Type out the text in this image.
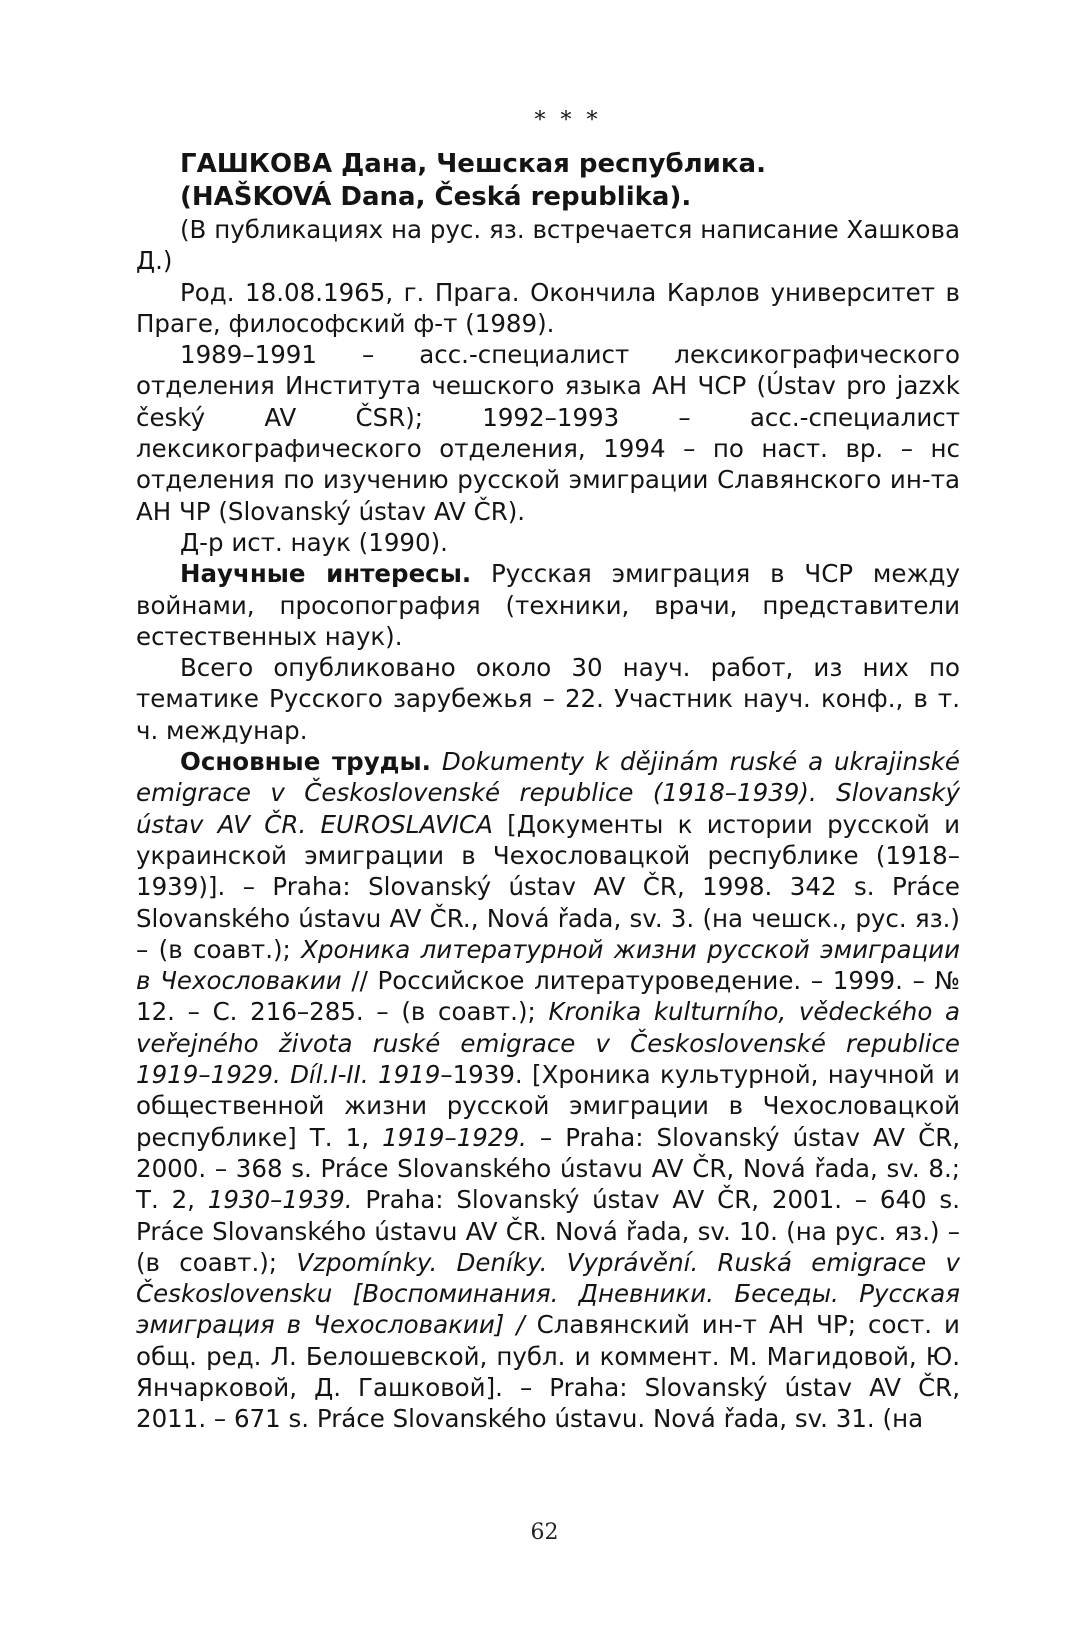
* * *
ГАШКОВА Дана, Чешская республика.
(HAŠKOVÁ Dana, Česká republika).

(В публикациях на рус. яз. встречается написание Хашкова Д.)

Род. 18.08.1965, г. Прага. Окончила Карлов университет в Праге, философский ф-т (1989).

1989–1991 – асс.-специалист лексикографического отделения Института чешского языка АН ЧСР (Ústav pro jazxk český AV ČSR); 1992–1993 – асс.-специалист лексикографического отделения, 1994 – по наст. вр. – нс отделения по изучению русской эмиграции Славянского ин-та АН ЧР (Slovanský ústav AV ČR).

Д-р ист. наук (1990).

Научные интересы. Русская эмиграция в ЧСР между войнами, просопография (техники, врачи, представители естественных наук).

Всего опубликовано около 30 науч. работ, из них по тематике Русского зарубежья – 22. Участник науч. конф., в т. ч. междунар.

Основные труды. Dokumenty k dějinám ruské a ukrajinské emigrace v Československé republice (1918–1939). Slovanský ústav AV ČR. EUROSLAVICA [Документы к истории русской и украинской эмиграции в Чехословацкой республике (1918–1939)]. – Praha: Slovanský ústav AV ČR, 1998. 342 s. Práce Slovanského ústavu AV ČR., Nová řada, sv. 3. (на чешск., рус. яз.) – (в соавт.); Хроника литературной жизни русской эмиграции в Чехословакии // Российское литературоведение. – 1999. – № 12. – С. 216–285. – (в соавт.); Kronika kulturního, vědeckého a veřejného života ruské emigrace v Československé republice 1919–1929. Díl.I-II. 1919–1939. [Хроника культурной, научной и общественной жизни русской эмиграции в Чехословацкой республике] Т. 1, 1919–1929. – Praha: Slovanský ústav AV ČR, 2000. – 368 s. Práce Slovanského ústavu AV ČR, Nová řada, sv. 8.; Т. 2, 1930–1939. Praha: Slovanský ústav AV ČR, 2001. – 640 s. Práce Slovanského ústavu AV ČR. Nová řada, sv. 10. (на рус. яз.) – (в соавт.); Vzpomínky. Deníky. Vyprávění. Ruská emigrace v Československu [Воспоминания. Дневники. Беседы. Русская эмиграция в Чехословакии] / Славянский ин-т АН ЧР; сост. и общ. ред. Л. Белошевской, публ. и коммент. М. Магидовой, Ю. Янчарковой, Д. Гашковой]. – Praha: Slovanský ústav AV ČR, 2011. – 671 s. Práce Slovanského ústavu. Nová řada, sv. 31. (на

62
